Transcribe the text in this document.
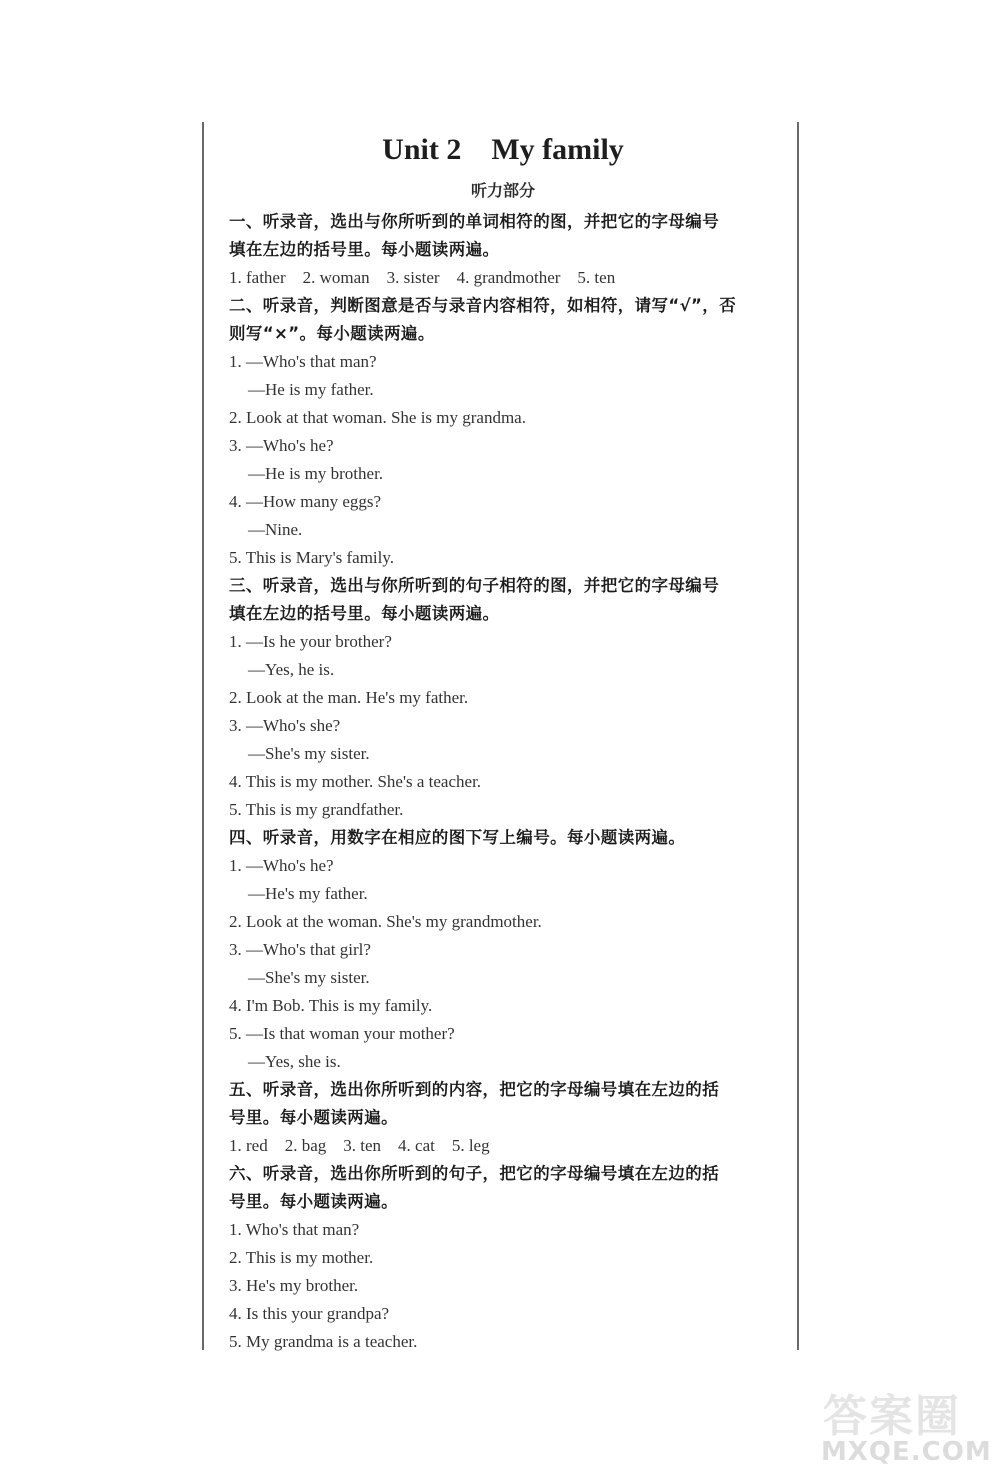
Unit 2　My family
听力部分
一、听录音，选出与你所听到的单词相符的图，并把它的字母编号
填在左边的括号里。每小题读两遍。
1. father　2. woman　3. sister　4. grandmother　5. ten
二、听录音，判断图意是否与录音内容相符，如相符，请写“√”，否
则写“×”。每小题读两遍。
1. —Who's that man?
—He is my father.
2. Look at that woman. She is my grandma.
3. —Who's he?
—He is my brother.
4. —How many eggs?
—Nine.
5. This is Mary's family.
三、听录音，选出与你所听到的句子相符的图，并把它的字母编号
填在左边的括号里。每小题读两遍。
1. —Is he your brother?
—Yes, he is.
2. Look at the man. He's my father.
3. —Who's she?
—She's my sister.
4. This is my mother. She's a teacher.
5. This is my grandfather.
四、听录音，用数字在相应的图下写上编号。每小题读两遍。
1. —Who's he?
—He's my father.
2. Look at the woman. She's my grandmother.
3. —Who's that girl?
—She's my sister.
4. I'm Bob. This is my family.
5. —Is that woman your mother?
—Yes, she is.
五、听录音，选出你所听到的内容，把它的字母编号填在左边的括
号里。每小题读两遍。
1. red　2. bag　3. ten　4. cat　5. leg
六、听录音，选出你所听到的句子，把它的字母编号填在左边的括
号里。每小题读两遍。
1. Who's that man?
2. This is my mother.
3. He's my brother.
4. Is this your grandpa?
5. My grandma is a teacher.
答案圈
MXQE.COM
